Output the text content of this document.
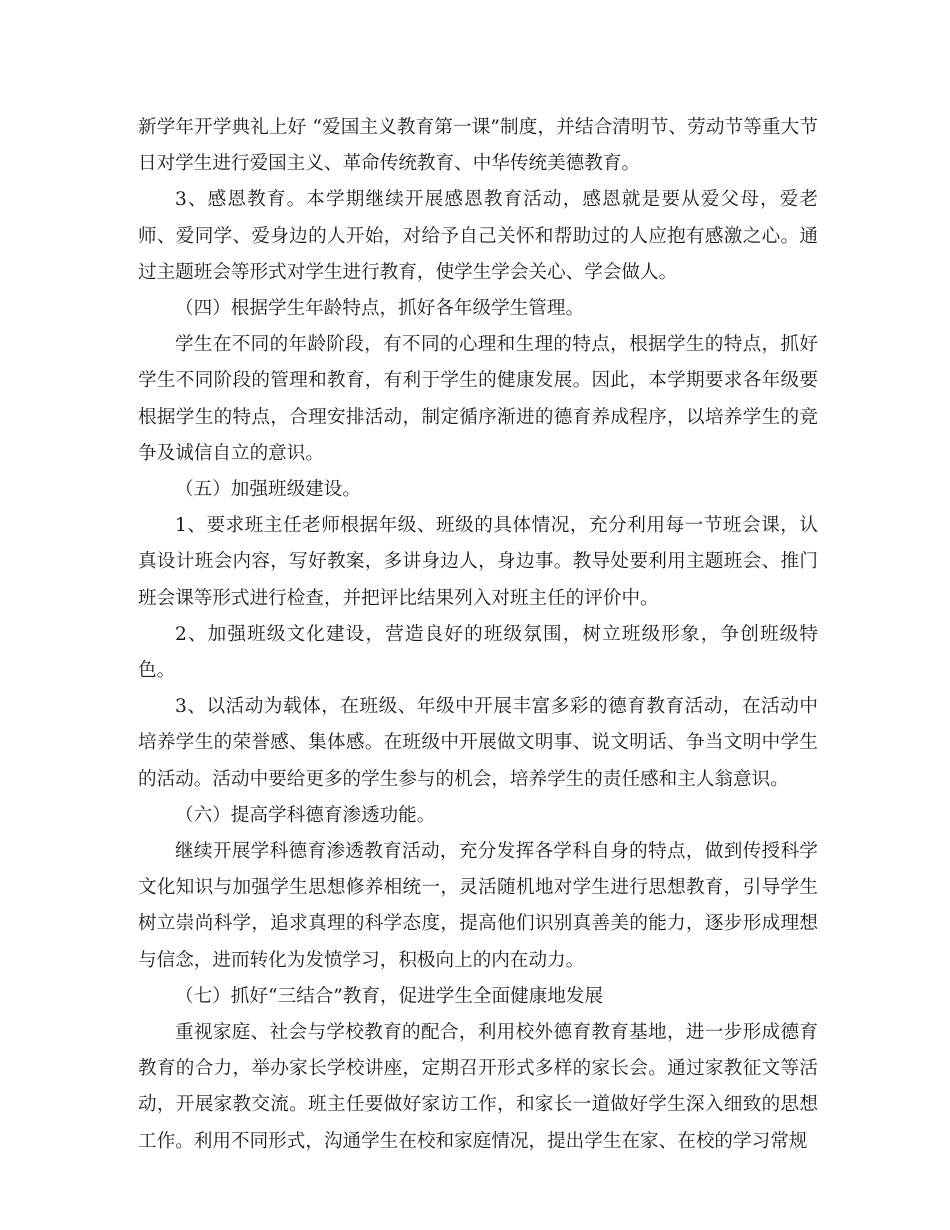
新学年开学典礼上好 “爱国主义教育第一课”制度，并结合清明节、劳动节等重大节日对学生进行爱国主义、革命传统教育、中华传统美德教育。

3、感恩教育。本学期继续开展感恩教育活动，感恩就是要从爱父母，爱老师、爱同学、爱身边的人开始，对给予自己关怀和帮助过的人应抱有感激之心。通过主题班会等形式对学生进行教育，使学生学会关心、学会做人。

（四）根据学生年龄特点，抓好各年级学生管理。

学生在不同的年龄阶段，有不同的心理和生理的特点，根据学生的特点，抓好学生不同阶段的管理和教育，有利于学生的健康发展。因此，本学期要求各年级要根据学生的特点，合理安排活动，制定循序渐进的德育养成程序，以培养学生的竞争及诚信自立的意识。

（五）加强班级建设。

1、要求班主任老师根据年级、班级的具体情况，充分利用每一节班会课，认真设计班会内容，写好教案，多讲身边人，身边事。教导处要利用主题班会、推门班会课等形式进行检查，并把评比结果列入对班主任的评价中。

2、加强班级文化建设，营造良好的班级氛围，树立班级形象，争创班级特色。

3、以活动为载体，在班级、年级中开展丰富多彩的德育教育活动，在活动中培养学生的荣誉感、集体感。在班级中开展做文明事、说文明话、争当文明中学生的活动。活动中要给更多的学生参与的机会，培养学生的责任感和主人翁意识。

（六）提高学科德育渗透功能。

继续开展学科德育渗透教育活动，充分发挥各学科自身的特点，做到传授科学文化知识与加强学生思想修养相统一，灵活随机地对学生进行思想教育，引导学生树立崇尚科学，追求真理的科学态度，提高他们识别真善美的能力，逐步形成理想与信念，进而转化为发愤学习，积极向上的内在动力。

（七）抓好“三结合”教育，促进学生全面健康地发展

重视家庭、社会与学校教育的配合，利用校外德育教育基地，进一步形成德育教育的合力，举办家长学校讲座，定期召开形式多样的家长会。通过家教征文等活动，开展家教交流。班主任要做好家访工作，和家长一道做好学生深入细致的思想工作。利用不同形式，沟通学生在校和家庭情况，提出学生在家、在校的学习常规
